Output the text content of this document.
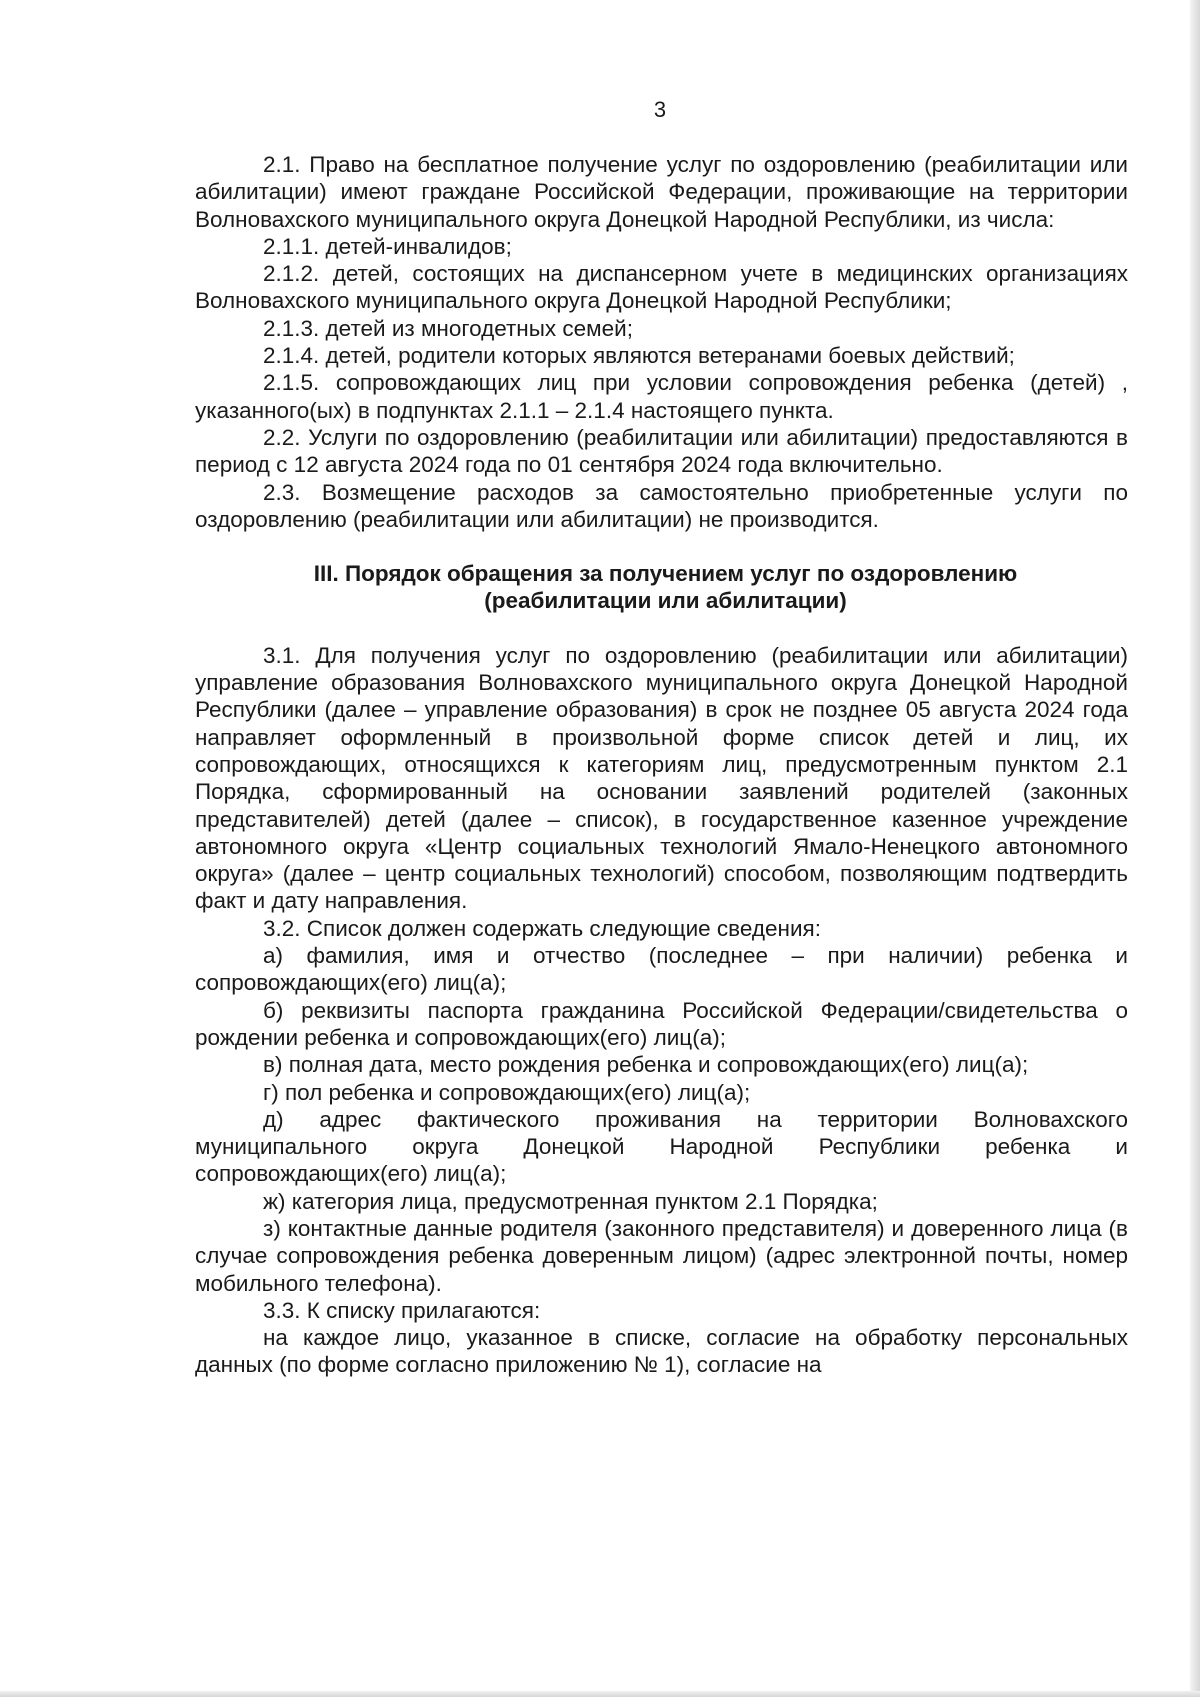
3

2.1. Право на бесплатное получение услуг по оздоровлению (реабилитации или абилитации) имеют граждане Российской Федерации, проживающие на территории Волновахского муниципального округа Донецкой Народной Республики, из числа:

2.1.1. детей-инвалидов;

2.1.2. детей, состоящих на диспансерном учете в медицинских организациях Волновахского муниципального округа Донецкой Народной Республики;

2.1.3. детей из многодетных семей;

2.1.4. детей, родители которых являются ветеранами боевых действий;

2.1.5. сопровождающих лиц при условии сопровождения ребенка (детей) , указанного(ых) в подпунктах 2.1.1 – 2.1.4 настоящего пункта.

2.2. Услуги по оздоровлению (реабилитации или абилитации) предоставляются в период с 12 августа 2024 года по 01 сентября 2024 года включительно.

2.3. Возмещение расходов за самостоятельно приобретенные услуги по оздоровлению (реабилитации или абилитации) не производится.

III. Порядок обращения за получением услуг по оздоровлению
(реабилитации или абилитации)

3.1. Для получения услуг по оздоровлению (реабилитации или абилитации) управление образования Волновахского муниципального округа Донецкой Народной Республики (далее – управление образования) в срок не позднее 05 августа 2024 года направляет оформленный в произвольной форме список детей и лиц, их сопровождающих, относящихся к категориям лиц, предусмотренным пунктом 2.1 Порядка, сформированный на основании заявлений родителей (законных представителей) детей (далее – список), в государственное казенное учреждение автономного округа «Центр социальных технологий Ямало-Ненецкого автономного округа» (далее – центр социальных технологий) способом, позволяющим подтвердить факт и дату направления.

3.2. Список должен содержать следующие сведения:

а) фамилия, имя и отчество (последнее – при наличии) ребенка и сопровождающих(его) лиц(а);

б) реквизиты паспорта гражданина Российской Федерации/свидетельства о рождении ребенка и сопровождающих(его) лиц(а);

в) полная дата, место рождения ребенка и сопровождающих(его) лиц(а);

г) пол ребенка и сопровождающих(его) лиц(а);

д) адрес фактического проживания на территории Волновахского муниципального округа Донецкой Народной Республики ребенка и сопровождающих(его) лиц(а);

ж) категория лица, предусмотренная пунктом 2.1 Порядка;

з) контактные данные родителя (законного представителя) и доверенного лица (в случае сопровождения ребенка доверенным лицом) (адрес электронной почты, номер мобильного телефона).

3.3. К списку прилагаются:

на каждое лицо, указанное в списке, согласие на обработку персональных данных (по форме согласно приложению № 1), согласие на
